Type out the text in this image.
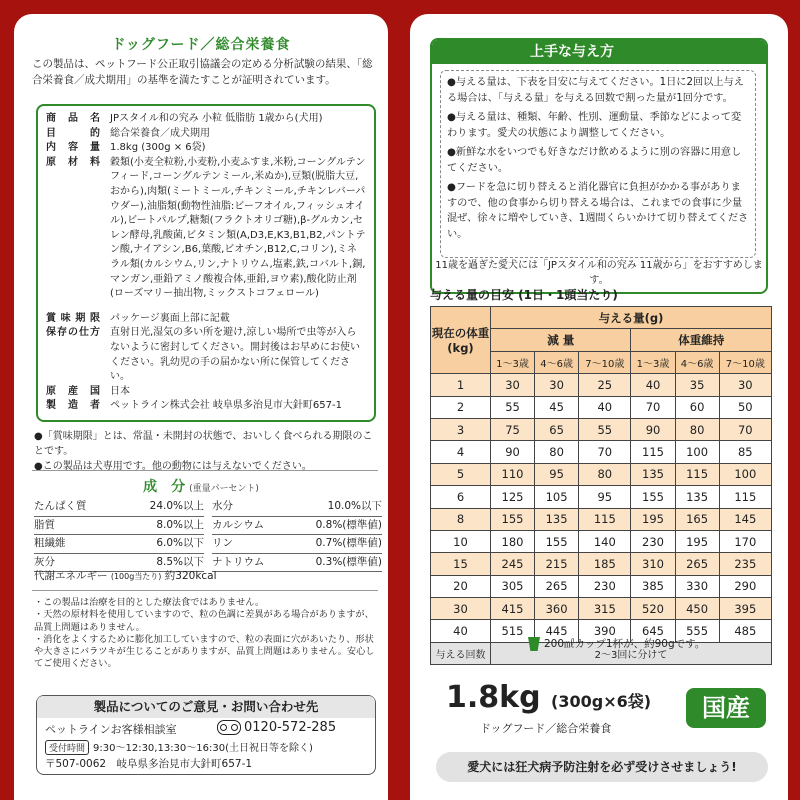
ドッグフード／総合栄養食
この製品は、ペットフード公正取引協議会の定める分析試験の結果、「総合栄養食／成犬期用」の基準を満たすことが証明されています。
商品名 JPスタイル和の究み 小粒 低脂肪 1歳から(犬用)
目的 総合栄養食／成犬期用
内容量 1.8kg (300g × 6袋)
原材料 穀類(小麦全粒粉,小麦粉,小麦ふすま,米粉,コーングルテンフィード,コーングルテンミール,米ぬか),豆類(脱脂大豆,おから),肉類(ミートミール,チキンミール,チキンレバーパウダー),油脂類(動物性油脂:ビーフオイル,フィッシュオイル),ビートパルプ,糖類(フラクトオリゴ糖),β-グルカン,セレン酵母,乳酸菌,ビタミン類(A,D3,E,K3,B1,B2,パントテン酸,ナイアシン,B6,葉酸,ビオチン,B12,C,コリン),ミネラル類(カルシウム,リン,ナトリウム,塩素,鉄,コバルト,銅,マンガン,亜鉛アミノ酸複合体,亜鉛,ヨウ素),酸化防止剤(ローズマリー抽出物,ミックストコフェロール)
賞味期限 パッケージ裏面上部に記載
保存の仕方 直射日光,湿気の多い所を避け,涼しい場所で虫等が入らないように密封してください。開封後はお早めにお使いください。乳幼児の手の届かない所に保管してください。
原産国 日本
製造者 ペットライン株式会社 岐阜県多治見市大針町657-1
●「賞味期限」とは、常温・未開封の状態で、おいしく食べられる期限のことです。
●この製品は犬専用です。他の動物には与えないでください。
成　分 (重量パーセント)
たんぱく質	24.0%以上
脂質	8.0%以上
粗繊維	6.0%以下
灰分	8.5%以下
水分	10.0%以下
カルシウム	0.8%(標準値)
リン	0.7%(標準値)
ナトリウム	0.3%(標準値)
代謝エネルギー (100g当たり) 約320kcal
・この製品は治療を目的とした療法食ではありません。
・天然の原材料を使用していますので、粒の色調に差異がある場合がありますが、品質上問題はありません。
・消化をよくするために膨化加工していますので、粒の表面に穴があいたり、形状や大きさにバラツキが生じることがありますが、品質上問題はありません。安心してご使用ください。
製品についてのご意見・お問い合わせ先
ペットラインお客様相談室	0120-572-285
受付時間 9:30〜12:30,13:30〜16:30(土日祝日等を除く)
〒507-0062　岐阜県多治見市大針町657-1
上手な与え方

●与える量は、下表を目安に与えてください。1日に2回以上与える場合は、「与える量」を与える回数で割った量が1回分です。

●与える量は、種類、年齢、性別、運動量、季節などによって変わります。愛犬の状態により調整してください。

●新鮮な水をいつでも好きなだけ飲めるように別の容器に用意してください。

●フードを急に切り替えると消化器官に負担がかかる事がありますので、他の食事から切り替える場合は、これまでの食事に少量混ぜ、徐々に増やしていき、1週間くらいかけて切り替えてください。

11歳を過ぎた愛犬には「JPスタイル和の究み 11歳から」をおすすめします。
与える量の目安 (1日・1頭当たり)
現在の体重(kg)	与える量(g)					
	減 量			体重維持		
	1〜3歳	4〜6歳	7〜10歳	1〜3歳	4〜6歳	7〜10歳
1	30	30	25	40	35	30
2	55	45	40	70	60	50
3	75	65	55	90	80	70
4	90	80	70	115	100	85
5	110	95	80	135	115	100
6	125	105	95	155	135	115
8	155	135	115	195	165	145
10	180	155	140	230	195	170
15	245	215	185	310	265	235
20	305	265	230	385	330	290
30	415	360	315	520	450	395
40	515	445	390	645	555	485
与える回数	2〜3回に分けて					
200㎖カップ1杯が、約90gです。
1.8kg (300g×6袋)
ドッグフード／総合栄養食
国産
愛犬には狂犬病予防注射を必ず受けさせましょう!
